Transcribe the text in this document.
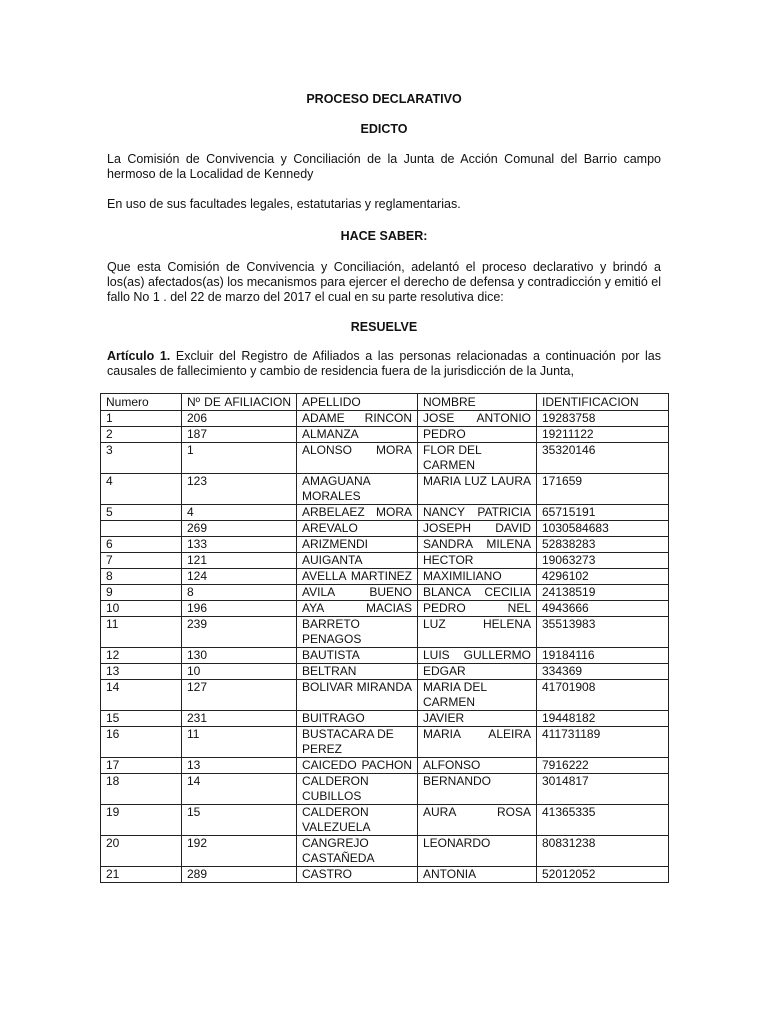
PROCESO DECLARATIVO
EDICTO
La Comisión de Convivencia y Conciliación de la Junta de Acción Comunal del Barrio campo hermoso de la Localidad de Kennedy
En uso de sus facultades legales, estatutarias y reglamentarias.
HACE SABER:
Que esta Comisión de Convivencia y Conciliación, adelantó el proceso declarativo y brindó a los(as) afectados(as) los mecanismos para ejercer el derecho de defensa y contradicción y emitió el fallo No 1 . del 22 de marzo del 2017 el cual en su parte resolutiva dice:
RESUELVE
Artículo 1. Excluir del Registro de Afiliados a las personas relacionadas a continuación por las causales de fallecimiento y cambio de residencia fuera de la jurisdicción de la Junta,
Numero	Nº DE AFILIACION	APELLIDO	NOMBRE	IDENTIFICACION
1	206	ADAME RINCON	JOSE ANTONIO	19283758
2	187	ALMANZA	PEDRO	19211122
3	1	ALONSO MORA	FLOR DEL CARMEN	35320146
4	123	AMAGUANA MORALES	MARIA LUZ LAURA	171659
5	4	ARBELAEZ MORA	NANCY PATRICIA	65715191
	269	AREVALO	JOSEPH DAVID	1030584683
6	133	ARIZMENDI	SANDRA MILENA	52838283
7	121	AUIGANTA	HECTOR	19063273
8	124	AVELLA MARTINEZ	MAXIMILIANO	4296102
9	8	AVILA BUENO	BLANCA CECILIA	24138519
10	196	AYA MACIAS	PEDRO NEL	4943666
11	239	BARRETO PENAGOS	LUZ HELENA	35513983
12	130	BAUTISTA	LUIS GULLERMO	19184116
13	10	BELTRAN	EDGAR	334369
14	127	BOLIVAR MIRANDA	MARIA DEL CARMEN	41701908
15	231	BUITRAGO	JAVIER	19448182
16	11	BUSTACARA DE PEREZ	MARIA ALEIRA	411731189
17	13	CAICEDO PACHON	ALFONSO	7916222
18	14	CALDERON CUBILLOS	BERNANDO	3014817
19	15	CALDERON VALEZUELA	AURA ROSA	41365335
20	192	CANGREJO CASTAÑEDA	LEONARDO	80831238
21	289	CASTRO	ANTONIA	52012052
